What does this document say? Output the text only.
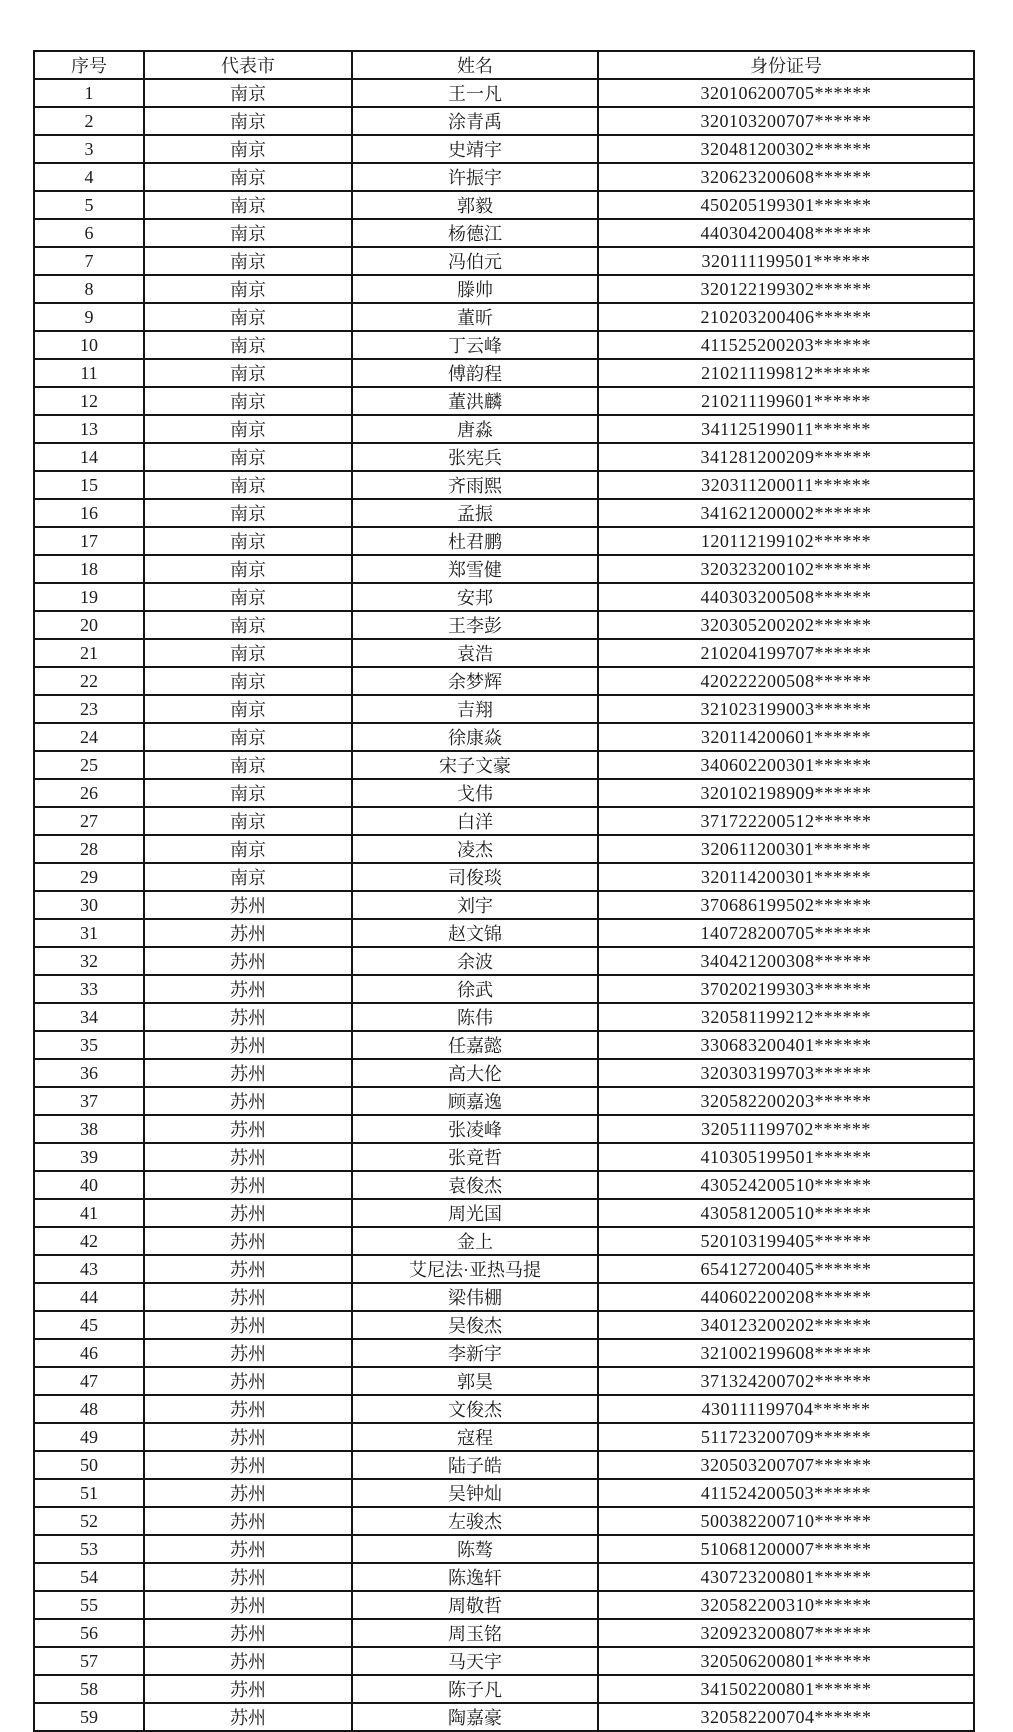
序号	代表市	姓名	身份证号
1	南京	王一凡	320106200705******
2	南京	涂青禹	320103200707******
3	南京	史靖宇	320481200302******
4	南京	许振宇	320623200608******
5	南京	郭毅	450205199301******
6	南京	杨德江	440304200408******
7	南京	冯伯元	320111199501******
8	南京	滕帅	320122199302******
9	南京	董昕	210203200406******
10	南京	丁云峰	411525200203******
11	南京	傅韵程	210211199812******
12	南京	董洪麟	210211199601******
13	南京	唐淼	341125199011******
14	南京	张宪兵	341281200209******
15	南京	齐雨熙	320311200011******
16	南京	孟振	341621200002******
17	南京	杜君鹏	120112199102******
18	南京	郑雪健	320323200102******
19	南京	安邦	440303200508******
20	南京	王李彭	320305200202******
21	南京	袁浩	210204199707******
22	南京	余梦辉	420222200508******
23	南京	吉翔	321023199003******
24	南京	徐康焱	320114200601******
25	南京	宋子文豪	340602200301******
26	南京	戈伟	320102198909******
27	南京	白洋	371722200512******
28	南京	凌杰	320611200301******
29	南京	司俊琰	320114200301******
30	苏州	刘宇	370686199502******
31	苏州	赵文锦	140728200705******
32	苏州	余波	340421200308******
33	苏州	徐武	370202199303******
34	苏州	陈伟	320581199212******
35	苏州	任嘉懿	330683200401******
36	苏州	高大伦	320303199703******
37	苏州	顾嘉逸	320582200203******
38	苏州	张凌峰	320511199702******
39	苏州	张竟哲	410305199501******
40	苏州	袁俊杰	430524200510******
41	苏州	周光国	430581200510******
42	苏州	金上	520103199405******
43	苏州	艾尼法·亚热马提	654127200405******
44	苏州	梁伟棚	440602200208******
45	苏州	吴俊杰	340123200202******
46	苏州	李新宇	321002199608******
47	苏州	郭昊	371324200702******
48	苏州	文俊杰	430111199704******
49	苏州	寇程	511723200709******
50	苏州	陆子皓	320503200707******
51	苏州	吴钟灿	411524200503******
52	苏州	左骏杰	500382200710******
53	苏州	陈骜	510681200007******
54	苏州	陈逸轩	430723200801******
55	苏州	周敬哲	320582200310******
56	苏州	周玉铭	320923200807******
57	苏州	马天宇	320506200801******
58	苏州	陈子凡	341502200801******
59	苏州	陶嘉豪	320582200704******
